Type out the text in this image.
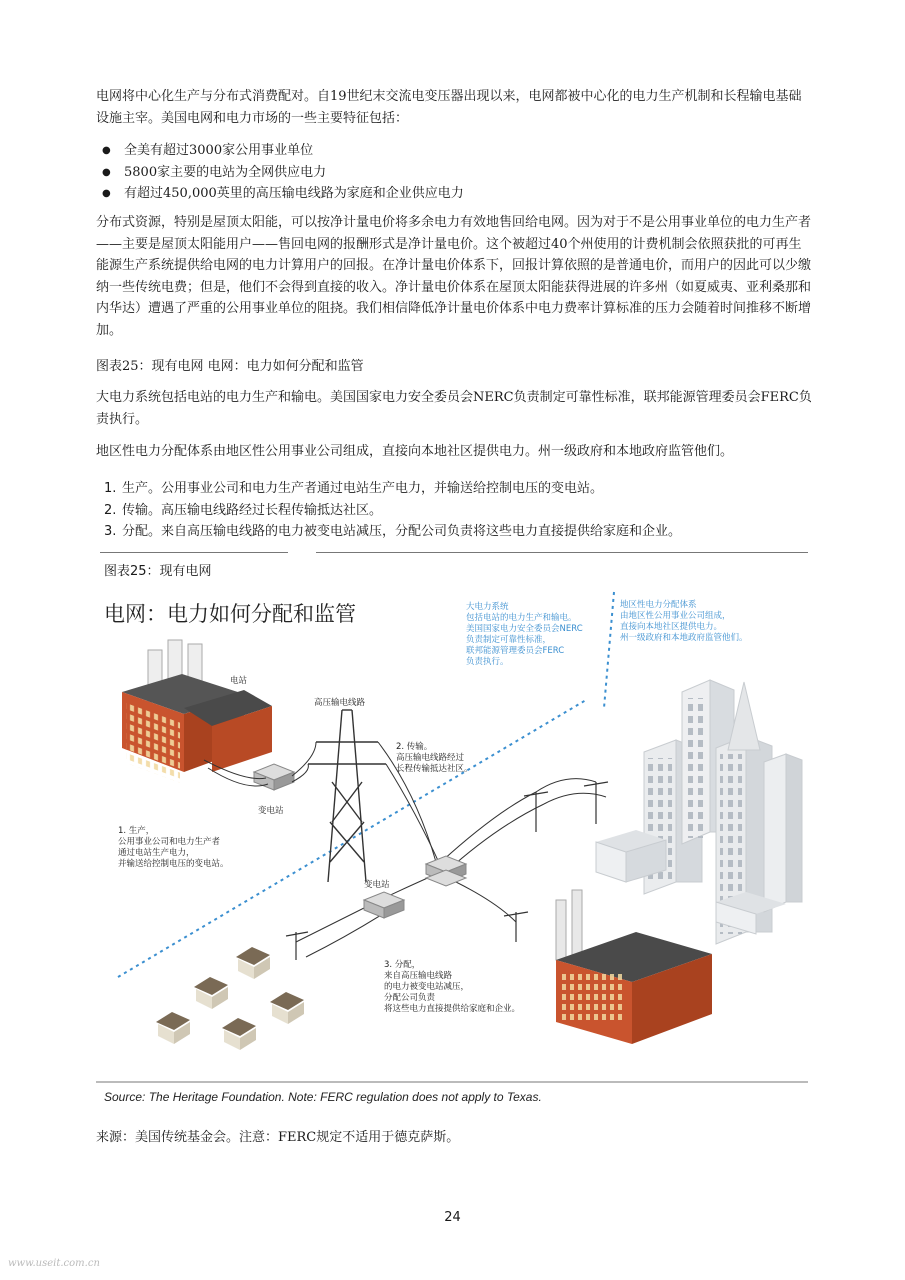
电网将中心化生产与分布式消费配对。自19世纪末交流电变压器出现以来，电网都被中心化的电力生产机制和长程输电基础设施主宰。美国电网和电力市场的一些主要特征包括：

● 全美有超过3000家公用事业单位
● 5800家主要的电站为全网供应电力
● 有超过450,000英里的高压输电线路为家庭和企业供应电力

分布式资源，特别是屋顶太阳能，可以按净计量电价将多余电力有效地售回给电网。因为对于不是公用事业单位的电力生产者——主要是屋顶太阳能用户——售回电网的报酬形式是净计量电价。这个被超过40个州使用的计费机制会依照获批的可再生能源生产系统提供给电网的电力计算用户的回报。在净计量电价体系下，回报计算依照的是普通电价，而用户的因此可以少缴纳一些传统电费；但是，他们不会得到直接的收入。净计量电价体系在屋顶太阳能获得进展的许多州（如夏威夷、亚利桑那和内华达）遭遇了严重的公用事业单位的阻挠。我们相信降低净计量电价体系中电力费率计算标准的压力会随着时间推移不断增加。

图表25：现有电网 电网：电力如何分配和监管

大电力系统包括电站的电力生产和输电。美国国家电力安全委员会NERC负责制定可靠性标准，联邦能源管理委员会FERC负责执行。

地区性电力分配体系由地区性公用事业公司组成，直接向本地社区提供电力。州一级政府和本地政府监管他们。

1. 生产。公用事业公司和电力生产者通过电站生产电力，并输送给控制电压的变电站。
2. 传输。高压输电线路经过长程传输抵达社区。
3. 分配。来自高压输电线路的电力被变电站减压，分配公司负责将这些电力直接提供给家庭和企业。
图表25：现有电网
电网：电力如何分配和监管	大电力系统
包括电站的电力生产和输电。
美国国家电力安全委员会NERC
负责制定可靠性标准，
联邦能源管理委员会FERC
负责执行。
地区性电力分配体系
由地区性公用事业公司组成，
直接向本地社区提供电力。
州一级政府和本地政府监管他们。
电站
高压输电线路
变电站
变电站
1. 生产，
公用事业公司和电力生产者
通过电站生产电力，
并输送给控制电压的变电站。
2. 传输。
高压输电线路经过
长程传输抵达社区。
3. 分配，
来自高压输电线路
的电力被变电站减压，
分配公司负责
将这些电力直接提供给家庭和企业。
Source: The Heritage Foundation. Note: FERC regulation does not apply to Texas.
来源：美国传统基金会。注意：FERC规定不适用于德克萨斯。
24
www.useit.com.cn
